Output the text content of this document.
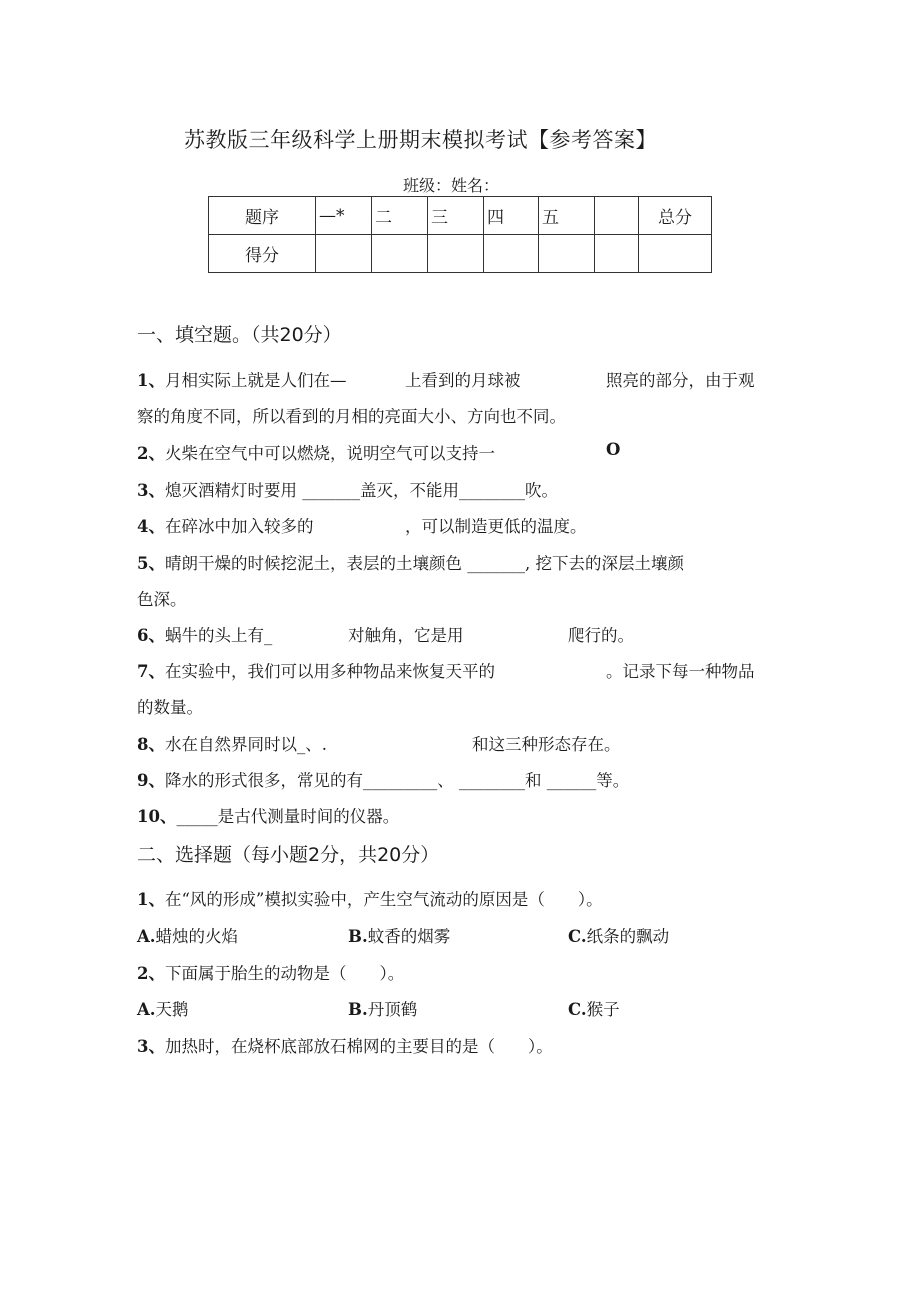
苏教版三年级科学上册期末模拟考试【参考答案】
班级：姓名：
题序	—*	二	三	四	五		总分
得分							
一、填空题。（共20分）
1、月相实际上就是人们在—	上看到的月球被	照亮的部分，由于观
察的角度不同，所以看到的月相的亮面大小、方向也不同。
2、火柴在空气中可以燃烧，说明空气可以支持一	O
3、熄灭酒精灯时要用 _______盖灭，不能用________吹。
4、在碎冰中加入较多的	，可以制造更低的温度。
5、晴朗干燥的时候挖泥土，表层的土壤颜色 _______, 挖下去的深层土壤颜
色深。
6、蜗牛的头上有_	对触角，它是用	爬行的。
7、在实验中，我们可以用多种物品来恢复天平的	。记录下每一种物品
的数量。
8、水在自然界同时以_、.	和这三种形态存在。
9、降水的形式很多，常见的有_________、 ________和 ______等。
10、_____是古代测量时间的仪器。
二、选择题（每小题2分，共20分）
1、在“风的形成”模拟实验中，产生空气流动的原因是（　　）。
A.蜡烛的火焰	B.蚊香的烟雾	C.纸条的飘动
2、下面属于胎生的动物是（　　）。
A.天鹅	B.丹顶鹤	C.猴子
3、加热时，在烧杯底部放石棉网的主要目的是（　　）。
